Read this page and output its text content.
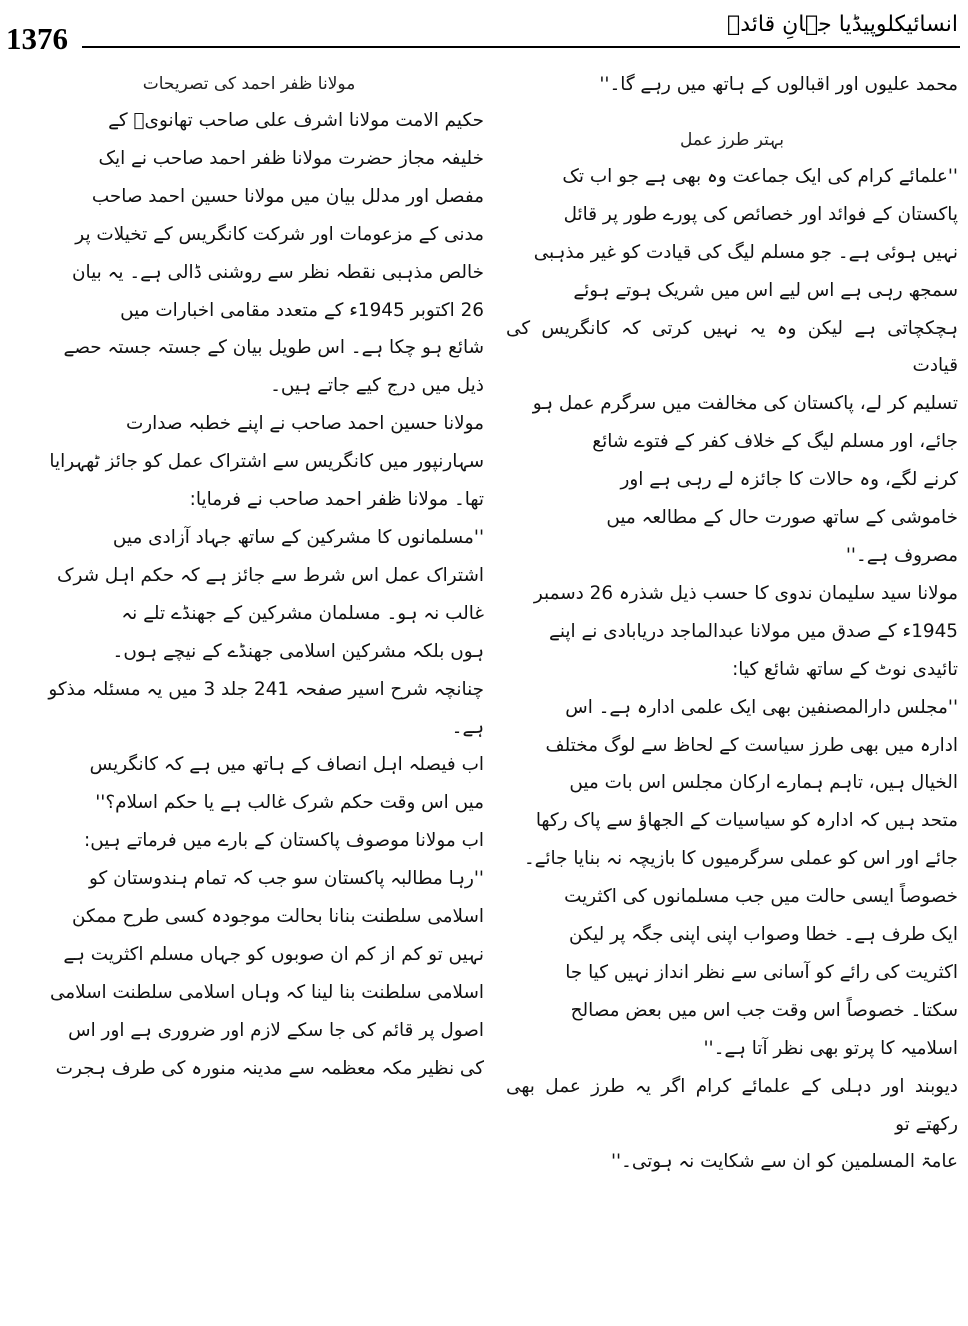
1376	انسائیکلوپیڈیا جہانِ قائدؒ

محمد علیوں اور اقبالوں کے ہاتھ میں رہے گا۔''

بہتر طرز عمل

''علمائے کرام کی ایک جماعت وہ بھی ہے جو اب تک
پاکستان کے فوائد اور خصائص کی پورے طور پر قائل
نہیں ہوئی ہے۔ جو مسلم لیگ کی قیادت کو غیر مذہبی
سمجھ رہی ہے اس لیے اس میں شریک ہوتے ہوئے
ہچکچاتی ہے لیکن وہ یہ نہیں کرتی کہ کانگریس کی قیادت
تسلیم کر لے، پاکستان کی مخالفت میں سرگرم عمل ہو
جائے، اور مسلم لیگ کے خلاف کفر کے فتوے شائع
کرنے لگے، وہ حالات کا جائزہ لے رہی ہے اور
خاموشی کے ساتھ صورت حال کے مطالعہ میں
مصروف ہے۔''

مولانا سید سلیمان ندوی کا حسب ذیل شذرہ 26 دسمبر
1945ء کے صدق میں مولانا عبدالماجد دریابادی نے اپنے
تائیدی نوٹ کے ساتھ شائع کیا:

''مجلس دارالمصنفین بھی ایک علمی ادارہ ہے۔ اس
ادارہ میں بھی طرز سیاست کے لحاظ سے لوگ مختلف
الخیال ہیں، تاہم ہمارے ارکان مجلس اس بات میں
متحد ہیں کہ ادارہ کو سیاسیات کے الجھاؤ سے پاک رکھا
جائے اور اس کو عملی سرگرمیوں کا بازیچہ نہ بنایا جائے۔
خصوصاً ایسی حالت میں جب مسلمانوں کی اکثریت
ایک طرف ہے۔ خطا وصواب اپنی اپنی جگہ پر لیکن
اکثریت کی رائے کو آسانی سے نظر انداز نہیں کیا جا
سکتا۔ خصوصاً اس وقت جب اس میں بعض مصالح
اسلامیہ کا پرتو بھی نظر آتا ہے۔''

دیوبند اور دہلی کے علمائے کرام اگر یہ طرز عمل بھی رکھتے تو
عامۃ المسلمین کو ان سے شکایت نہ ہوتی۔''

مولانا ظفر احمد کی تصریحات

حکیم الامت مولانا اشرف علی صاحب تھانویؒ کے
خلیفہ مجاز حضرت مولانا ظفر احمد صاحب نے ایک
مفصل اور مدلل بیان میں مولانا حسین احمد صاحب
مدنی کے مزعومات اور شرکت کانگریس کے تخیلات پر
خالص مذہبی نقطہ نظر سے روشنی ڈالی ہے۔ یہ بیان
26 اکتوبر 1945ء کے متعدد مقامی اخبارات میں
شائع ہو چکا ہے۔ اس طویل بیان کے جستہ جستہ حصے
ذیل میں درج کیے جاتے ہیں۔

مولانا حسین احمد صاحب نے اپنے خطبہ صدارت
سہارنپور میں کانگریس سے اشتراک عمل کو جائز ٹھہرایا
تھا۔ مولانا ظفر احمد صاحب نے فرمایا:

''مسلمانوں کا مشرکین کے ساتھ جہاد آزادی میں
اشتراک عمل اس شرط سے جائز ہے کہ حکم اہل شرک
غالب نہ ہو۔ مسلمان مشرکین کے جھنڈے تلے نہ
ہوں بلکہ مشرکین اسلامی جھنڈے کے نیچے ہوں۔
چنانچہ شرح اسیر صفحہ 241 جلد 3 میں یہ مسئلہ مذکو
ہے۔

اب فیصلہ اہل انصاف کے ہاتھ میں ہے کہ کانگریس
میں اس وقت حکم شرک غالب ہے یا حکم اسلام؟''

اب مولانا موصوف پاکستان کے بارے میں فرماتے ہیں:

''رہا مطالبہ پاکستان سو جب کہ تمام ہندوستان کو
اسلامی سلطنت بنانا بحالت موجودہ کسی طرح ممکن
نہیں تو کم از کم ان صوبوں کو جہاں مسلم اکثریت ہے
اسلامی سلطنت بنا لینا کہ وہاں اسلامی سلطنت اسلامی
اصول پر قائم کی جا سکے لازم اور ضروری ہے اور اس
کی نظیر مکہ معظمہ سے مدینہ منورہ کی طرف ہجرت
